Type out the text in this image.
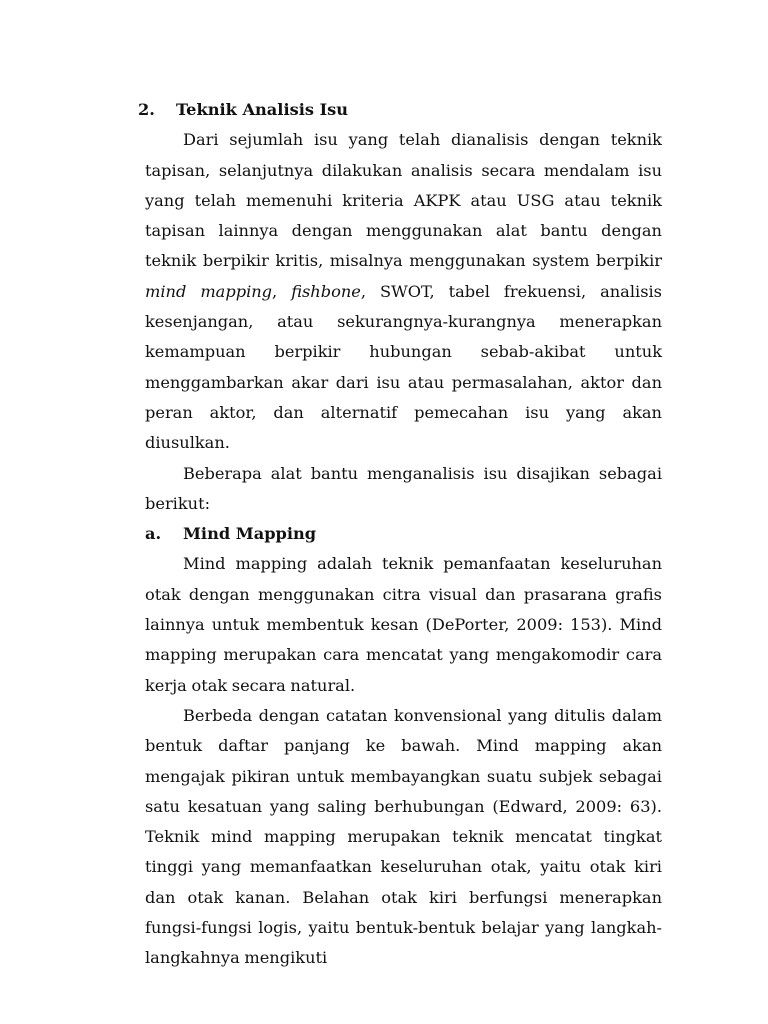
2.	Teknik Analisis Isu

Dari sejumlah isu yang telah dianalisis dengan teknik tapisan, selanjutnya dilakukan analisis secara mendalam isu yang telah memenuhi kriteria AKPK atau USG atau teknik tapisan lainnya dengan menggunakan alat bantu dengan teknik berpikir kritis, misalnya menggunakan system berpikir mind mapping, fishbone, SWOT, tabel frekuensi, analisis kesenjangan, atau sekurangnya-kurangnya menerapkan kemampuan berpikir hubungan sebab-akibat untuk menggambarkan akar dari isu atau permasalahan, aktor dan peran aktor, dan alternatif pemecahan isu yang akan diusulkan.

Beberapa alat bantu menganalisis isu disajikan sebagai berikut:

a.	Mind Mapping

Mind mapping adalah teknik pemanfaatan keseluruhan otak dengan menggunakan citra visual dan prasarana grafis lainnya untuk membentuk kesan (DePorter, 2009: 153). Mind mapping merupakan cara mencatat yang mengakomodir cara kerja otak secara natural.

Berbeda dengan catatan konvensional yang ditulis dalam bentuk daftar panjang ke bawah. Mind mapping akan mengajak pikiran untuk membayangkan suatu subjek sebagai satu kesatuan yang saling berhubungan (Edward, 2009: 63). Teknik mind mapping merupakan teknik mencatat tingkat tinggi yang memanfaatkan keseluruhan otak, yaitu otak kiri dan otak kanan. Belahan otak kiri berfungsi menerapkan fungsi-fungsi logis, yaitu bentuk-bentuk belajar yang langkah-langkahnya mengikuti
